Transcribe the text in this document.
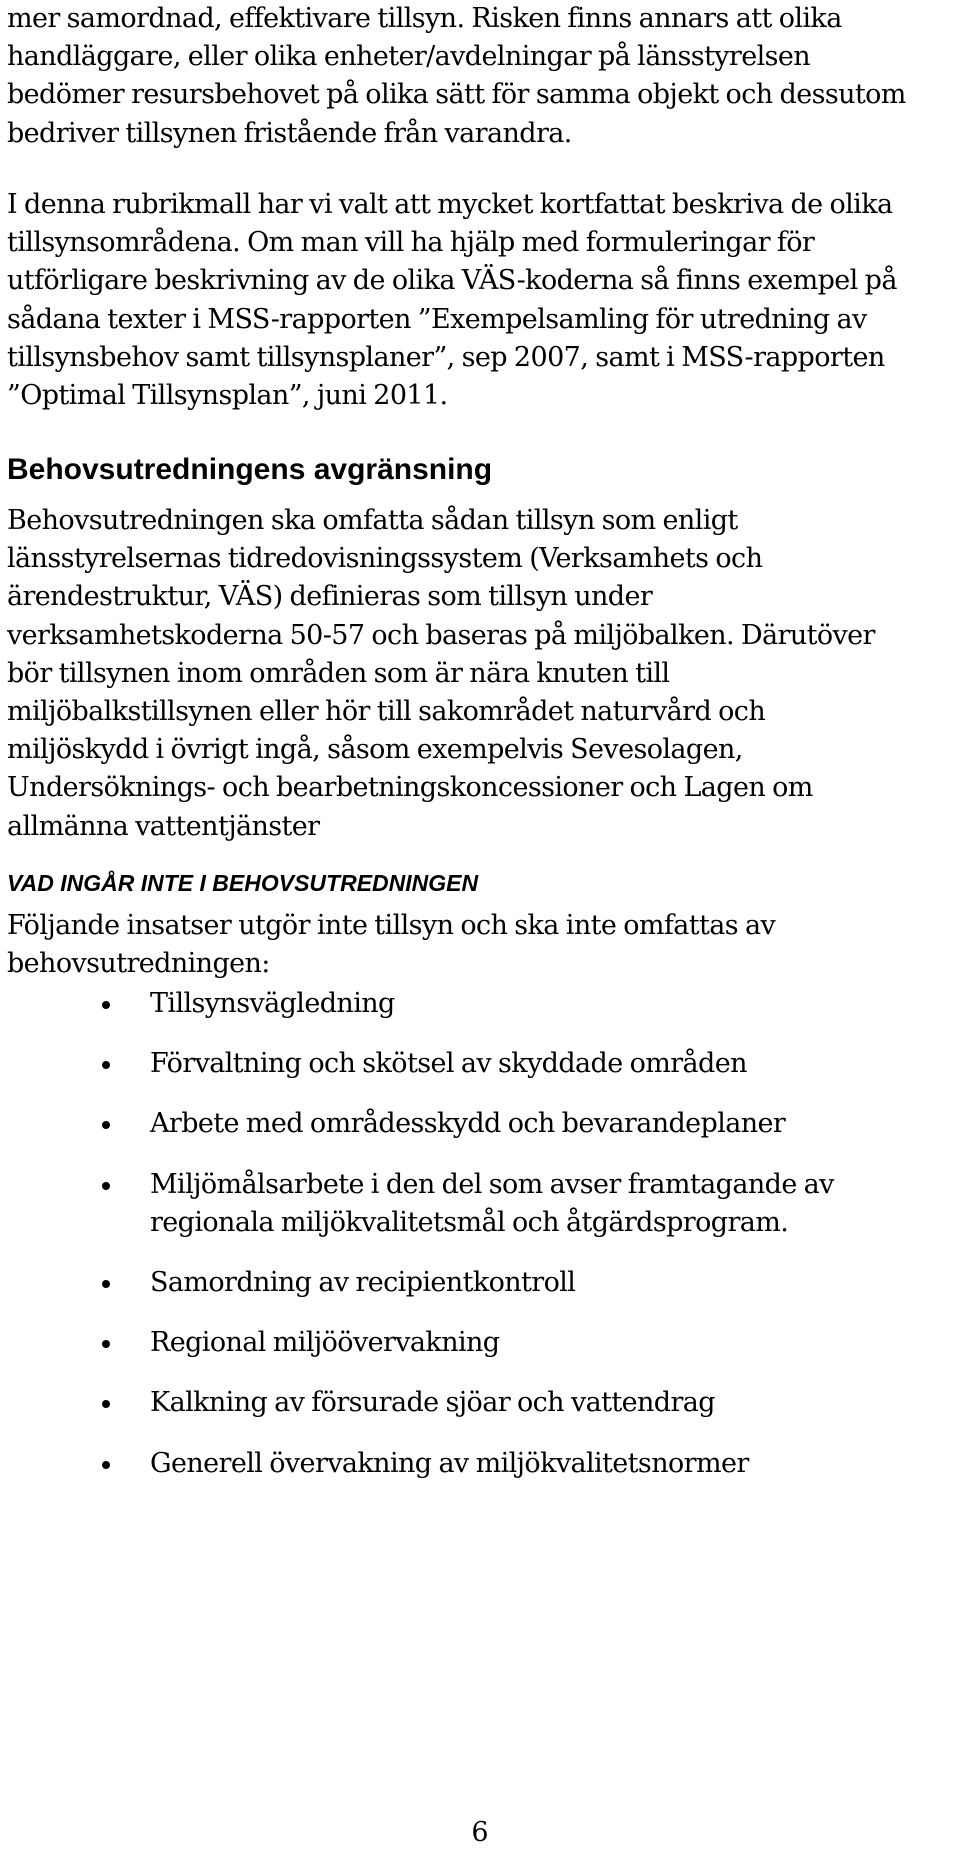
mer samordnad, effektivare tillsyn. Risken finns annars att olika
handläggare, eller olika enheter/avdelningar på länsstyrelsen
bedömer resursbehovet på olika sätt för samma objekt och dessutom
bedriver tillsynen fristående från varandra.
I denna rubrikmall har vi valt att mycket kortfattat beskriva de olika
tillsynsområdena. Om man vill ha hjälp med formuleringar för
utförligare beskrivning av de olika VÄS-koderna så finns exempel på
sådana texter i MSS-rapporten ”Exempelsamling för utredning av
tillsynsbehov samt tillsynsplaner”, sep 2007, samt i MSS-rapporten
”Optimal Tillsynsplan”, juni 2011.
Behovsutredningens avgränsning
Behovsutredningen ska omfatta sådan tillsyn som enligt
länsstyrelsernas tidredovisningssystem (Verksamhets och
ärendestruktur, VÄS) definieras som tillsyn under
verksamhetskoderna 50-57 och baseras på miljöbalken. Därutöver
bör tillsynen inom områden som är nära knuten till
miljöbalkstillsynen eller hör till sakområdet naturvård och
miljöskydd i övrigt ingå, såsom exempelvis Sevesolagen,
Undersöknings- och bearbetningskoncessioner och Lagen om
allmänna vattentjänster
VAD INGÅR INTE I BEHOVSUTREDNINGEN
Följande insatser utgör inte tillsyn och ska inte omfattas av
behovsutredningen:
Tillsynsvägledning
Förvaltning och skötsel av skyddade områden
Arbete med områdesskydd och bevarandeplaner
Miljömålsarbete i den del som avser framtagande av
regionala miljökvalitetsmål och åtgärdsprogram.
Samordning av recipientkontroll
Regional miljöövervakning
Kalkning av försurade sjöar och vattendrag
Generell övervakning av miljökvalitetsnormer
6
